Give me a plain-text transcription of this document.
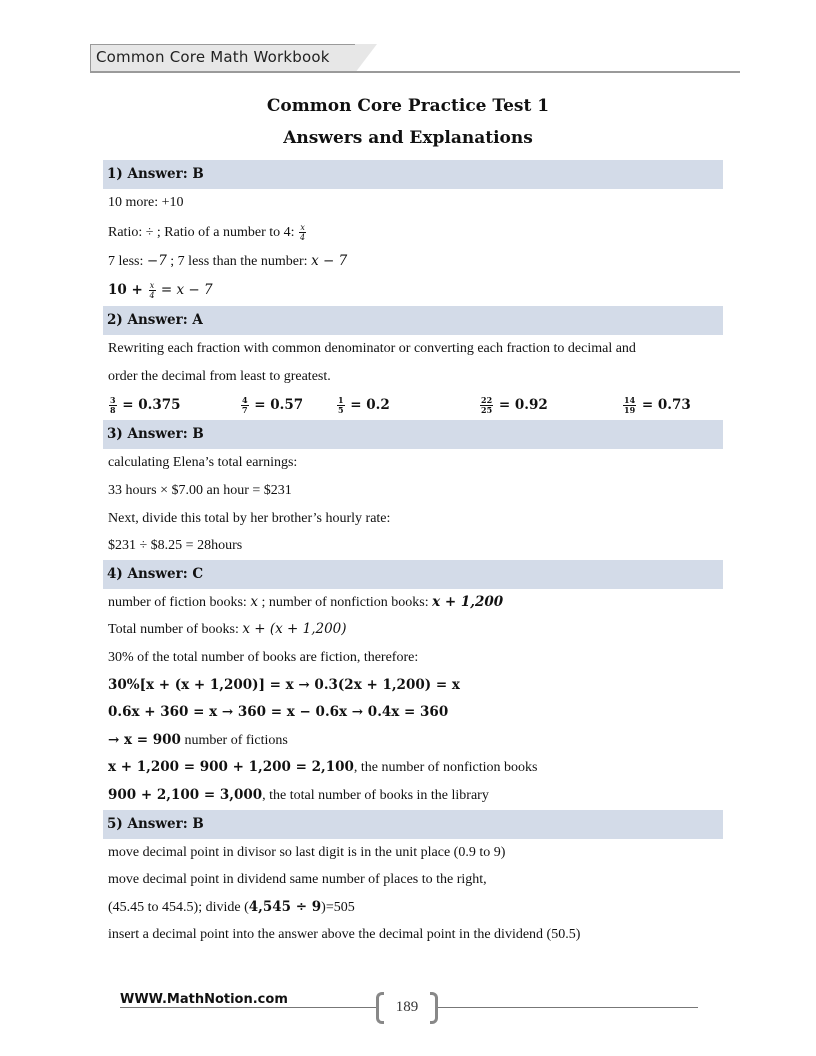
Common Core Math Workbook
Common Core Practice Test 1
Answers and Explanations
1) Answer: B
10 more: +10
Ratio: ÷ ; Ratio of a number to 4: $\frac{x}{4}$
7 less: −7 ; 7 less than the number: x − 7
$10 + \frac{x}{4} = x - 7$
2) Answer: A
Rewriting each fraction with common denominator or converting each fraction to decimal and
order the decimal from least to greatest.
$\frac{3}{8} = 0.375$	$\frac{4}{7} = 0.57$	$\frac{1}{5} = 0.2$	$\frac{22}{25} = 0.92$	$\frac{14}{19} = 0.73$
3) Answer: B
calculating Elena’s total earnings:
33 hours × $7.00 an hour = $231
Next, divide this total by her brother’s hourly rate:
$231 ÷ $8.25 = 28hours
4) Answer: C
number of fiction books: x ; number of nonfiction books: x + 1,200
Total number of books: x + (x + 1,200)
30% of the total number of books are fiction, therefore:
30%[x + (x + 1,200)] = x → 0.3(2x + 1,200) = x
0.6x + 360 = x → 360 = x − 0.6x → 0.4x = 360
→ x = 900 number of fictions
x + 1,200 = 900 + 1,200 = 2,100, the number of nonfiction books
900 + 2,100 = 3,000, the total number of books in the library
5) Answer: B
move decimal point in divisor so last digit is in the unit place (0.9 to 9)
move decimal point in dividend same number of places to the right,
(45.45 to 454.5); divide (4,545 ÷ 9)=505
insert a decimal point into the answer above the decimal point in the dividend (50.5)
WWW.MathNotion.com	189
